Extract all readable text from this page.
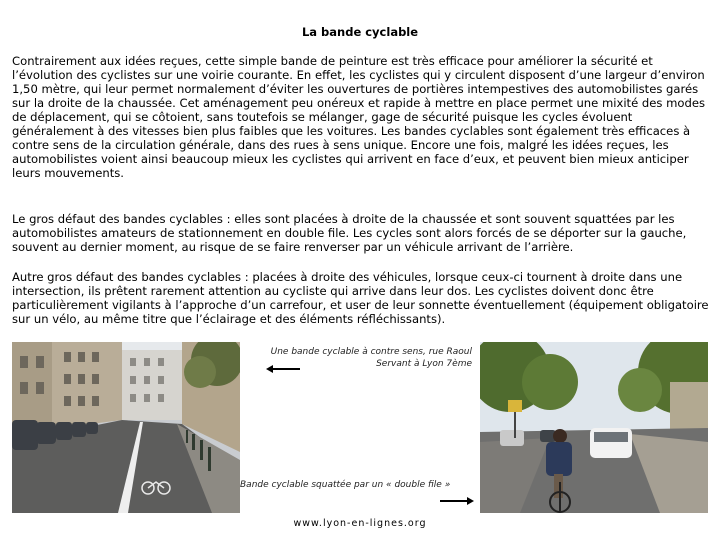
La bande cyclable
Contrairement aux idées reçues, cette simple bande de peinture est très efficace pour améliorer la sécurité et l’évolution des cyclistes sur une voirie courante. En effet, les cyclistes qui y circulent disposent d’une largeur d’environ 1,50 mètre, qui leur permet normalement d’éviter les ouvertures de portières intempestives des automobilistes garés sur la droite de la chaussée. Cet aménagement peu onéreux et rapide à mettre en place permet une mixité des modes de déplacement, qui se côtoient, sans toutefois se mélanger, gage de sécurité puisque les cycles évoluent généralement à des vitesses bien plus faibles que les voitures. Les bandes cyclables sont également très efficaces à contre sens de la circulation générale, dans des rues à sens unique. Encore une fois, malgré les idées reçues, les automobilistes voient ainsi beaucoup mieux les cyclistes qui arrivent en face d’eux, et peuvent bien mieux anticiper leurs mouvements.
Le gros défaut des bandes cyclables : elles sont placées à droite de la chaussée et sont souvent squattées par les automobilistes amateurs de stationnement en double file. Les cycles sont alors forcés de se déporter sur la gauche, souvent au dernier moment, au risque de se faire renverser par un véhicule arrivant de l’arrière.
Autre gros défaut des bandes cyclables : placées à droite des véhicules, lorsque ceux-ci tournent à droite dans une intersection, ils prêtent rarement attention au cycliste qui arrive dans leur dos. Les cyclistes doivent donc être particulièrement vigilants à l’approche d’un carrefour, et user de leur sonnette éventuellement (équipement obligatoire sur un vélo, au même titre que l’éclairage et des éléments réfléchissants).
Une bande cyclable à contre sens, rue Raoul Servant à Lyon 7ème
Bande cyclable squattée par un « double file »
www.lyon-en-lignes.org
